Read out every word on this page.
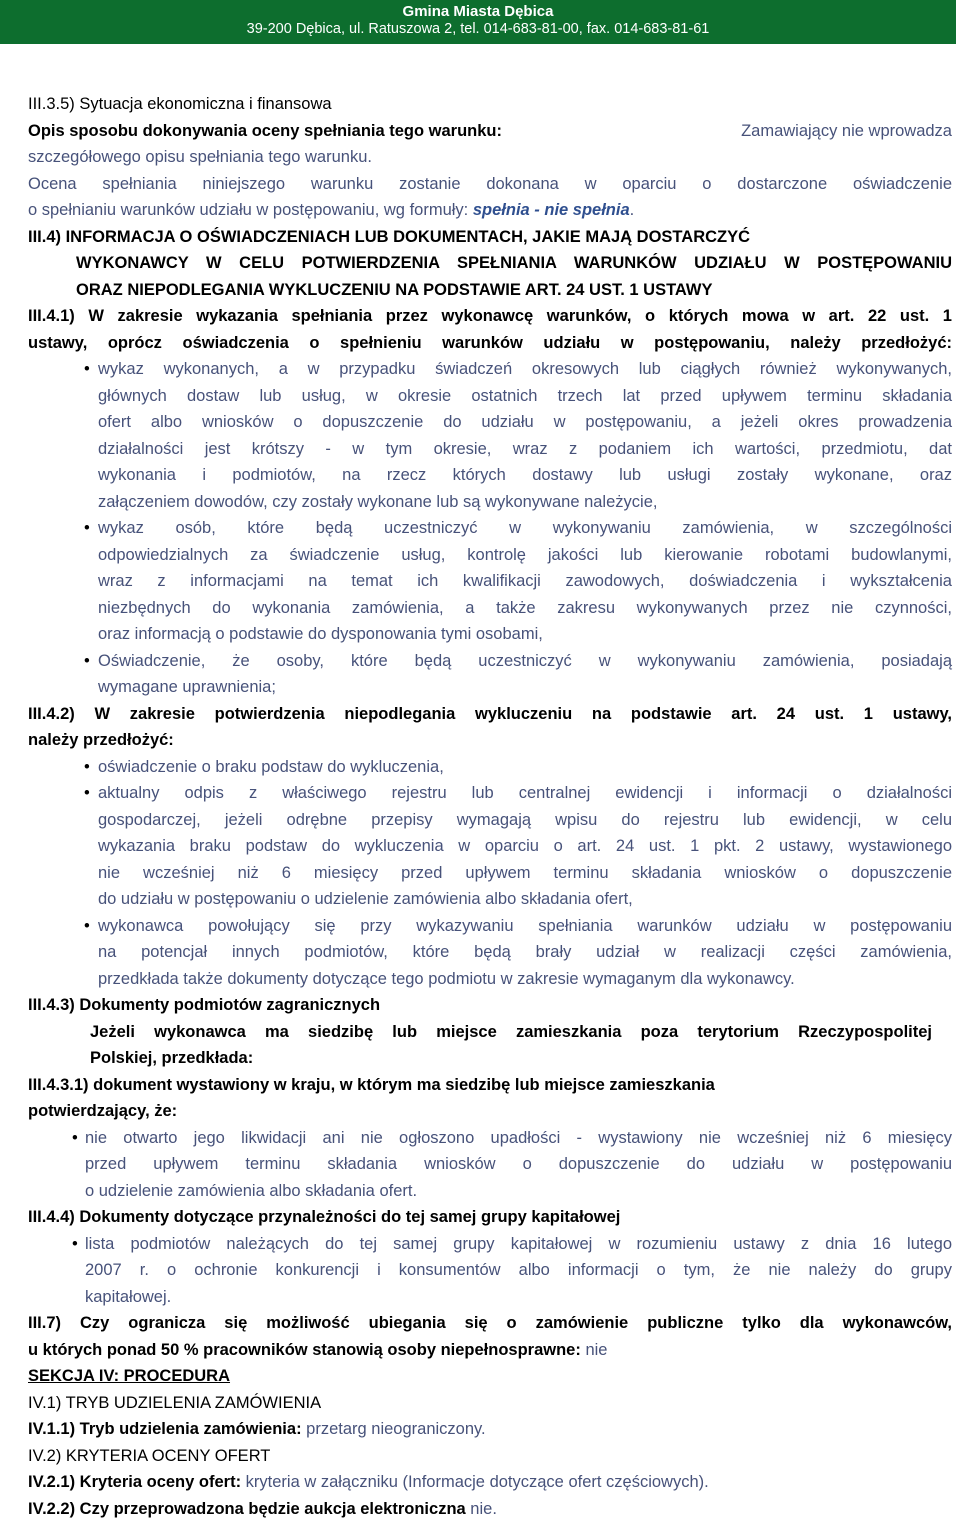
Gmina Miasta Dębica
39-200 Dębica, ul. Ratuszowa 2, tel. 014-683-81-00, fax. 014-683-81-61
III.3.5) Sytuacja ekonomiczna i finansowa
Opis sposobu dokonywania oceny spełniania tego warunku:	Zamawiający nie wprowadza
szczegółowego opisu spełniania tego warunku.
Ocena spełniania niniejszego warunku zostanie dokonana w oparciu o dostarczone oświadczenie
o spełnianiu warunków udziału w postępowaniu, wg formuły: spełnia - nie spełnia.
III.4) INFORMACJA O OŚWIADCZENIACH LUB DOKUMENTACH, JAKIE MAJĄ DOSTARCZYĆ
WYKONAWCY W CELU POTWIERDZENIA SPEŁNIANIA WARUNKÓW UDZIAŁU W POSTĘPOWANIU
ORAZ NIEPODLEGANIA WYKLUCZENIU NA PODSTAWIE ART. 24 UST. 1 USTAWY
III.4.1) W zakresie wykazania spełniania przez wykonawcę warunków, o których mowa w art. 22 ust. 1
ustawy, oprócz oświadczenia o spełnieniu warunków udziału w postępowaniu, należy przedłożyć:
wykaz wykonanych, a w przypadku świadczeń okresowych lub ciągłych również wykonywanych,
•
głównych dostaw lub usług, w okresie ostatnich trzech lat przed upływem terminu składania
ofert albo wniosków o dopuszczenie do udziału w postępowaniu, a jeżeli okres prowadzenia
działalności jest krótszy - w tym okresie, wraz z podaniem ich wartości, przedmiotu, dat
wykonania i podmiotów, na rzecz których dostawy lub usługi zostały wykonane, oraz
załączeniem dowodów, czy zostały wykonane lub są wykonywane należycie,
wykaz osób, które będą uczestniczyć w wykonywaniu zamówienia, w szczególności
•
odpowiedzialnych za świadczenie usług, kontrolę jakości lub kierowanie robotami budowlanymi,
wraz z informacjami na temat ich kwalifikacji zawodowych, doświadczenia i wykształcenia
niezbędnych do wykonania zamówienia, a także zakresu wykonywanych przez nie czynności,
oraz informacją o podstawie do dysponowania tymi osobami,
Oświadczenie, że osoby, które będą uczestniczyć w wykonywaniu zamówienia, posiadają
•
wymagane uprawnienia;
III.4.2) W zakresie potwierdzenia niepodlegania wykluczeniu na podstawie art. 24 ust. 1 ustawy,
należy przedłożyć:
oświadczenie o braku podstaw do wykluczenia,
•
aktualny odpis z właściwego rejestru lub centralnej ewidencji i informacji o działalności
•
gospodarczej, jeżeli odrębne przepisy wymagają wpisu do rejestru lub ewidencji, w celu
wykazania braku podstaw do wykluczenia w oparciu o art. 24 ust. 1 pkt. 2 ustawy, wystawionego
nie wcześniej niż 6 miesięcy przed upływem terminu składania wniosków o dopuszczenie
do udziału w postępowaniu o udzielenie zamówienia albo składania ofert,
wykonawca powołujący się przy wykazywaniu spełniania warunków udziału w postępowaniu
•
na potencjał innych podmiotów, które będą brały udział w realizacji części zamówienia,
przedkłada także dokumenty dotyczące tego podmiotu w zakresie wymaganym dla wykonawcy.
III.4.3) Dokumenty podmiotów zagranicznych
Jeżeli wykonawca ma siedzibę lub miejsce zamieszkania poza terytorium Rzeczypospolitej
Polskiej, przedkłada:
III.4.3.1) dokument wystawiony w kraju, w którym ma siedzibę lub miejsce zamieszkania
potwierdzający, że:
nie otwarto jego likwidacji ani nie ogłoszono upadłości - wystawiony nie wcześniej niż 6 miesięcy
•
przed upływem terminu składania wniosków o dopuszczenie do udziału w postępowaniu
o udzielenie zamówienia albo składania ofert.
III.4.4) Dokumenty dotyczące przynależności do tej samej grupy kapitałowej
lista podmiotów należących do tej samej grupy kapitałowej w rozumieniu ustawy z dnia 16 lutego
•
2007 r. o ochronie konkurencji i konsumentów albo informacji o tym, że nie należy do grupy
kapitałowej.
III.7) Czy ogranicza się możliwość ubiegania się o zamówienie publiczne tylko dla wykonawców,
u których ponad 50 % pracowników stanowią osoby niepełnosprawne: nie
SEKCJA IV: PROCEDURA
IV.1) TRYB UDZIELENIA ZAMÓWIENIA
IV.1.1) Tryb udzielenia zamówienia: przetarg nieograniczony.
IV.2) KRYTERIA OCENY OFERT
IV.2.1) Kryteria oceny ofert: kryteria w załączniku (Informacje dotyczące ofert częściowych).
IV.2.2) Czy przeprowadzona będzie aukcja elektroniczna nie.
